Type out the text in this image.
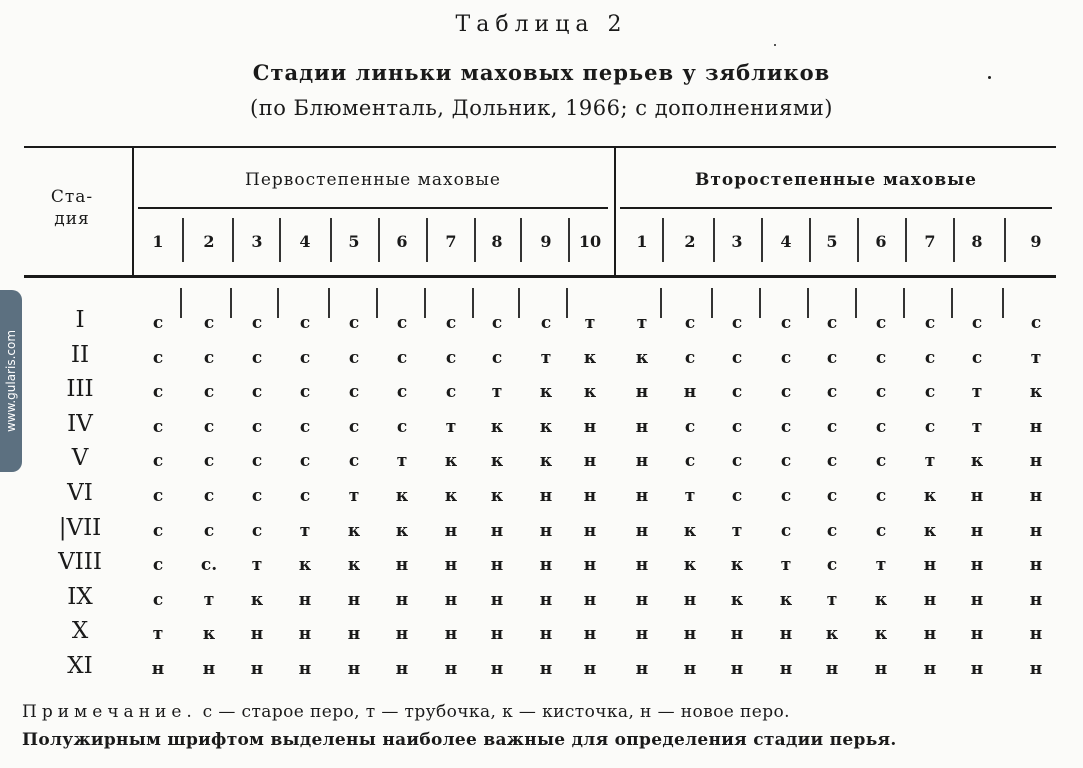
Таблица 2
Стадии линьки маховых перьев у зябликов
(по Блюменталь, Дольник, 1966; с дополнениями)
Ста-
дия
Первостепенные маховые	Второстепенные маховые
1	2	3	4	5	6	7	8	9	10	1	2	3	4	5	6	7	8	9
I	с	с	с	с	с	с	с	с	с	т	т	с	с	с	с	с	с	с	с
II	с	с	с	с	с	с	с	с	т	к	к	с	с	с	с	с	с	с	т
III	с	с	с	с	с	с	с	т	к	к	н	н	с	с	с	с	с	т	к
IV	с	с	с	с	с	с	т	к	к	н	н	с	с	с	с	с	с	т	н
V	с	с	с	с	с	т	к	к	к	н	н	с	с	с	с	с	т	к	н
VI	с	с	с	с	т	к	к	к	н	н	н	т	с	с	с	с	к	н	н
|VII	с	с	с	т	к	к	н	н	н	н	н	к	т	с	с	с	к	н	н
VIII	с	с.	т	к	к	н	н	н	н	н	н	к	к	т	с	т	н	н	н
IX	с	т	к	н	н	н	н	н	н	н	н	н	к	к	т	к	н	н	н
X	т	к	н	н	н	н	н	н	н	н	н	н	н	н	к	к	н	н	н
XI	н	н	н	н	н	н	н	н	н	н	н	н	н	н	н	н	н	н	н
Примечание. с — старое перо, т — трубочка, к — кисточка, н — новое перо.
Полужирным шрифтом выделены наиболее важные для определения стадии перья.
www.gularis.com
